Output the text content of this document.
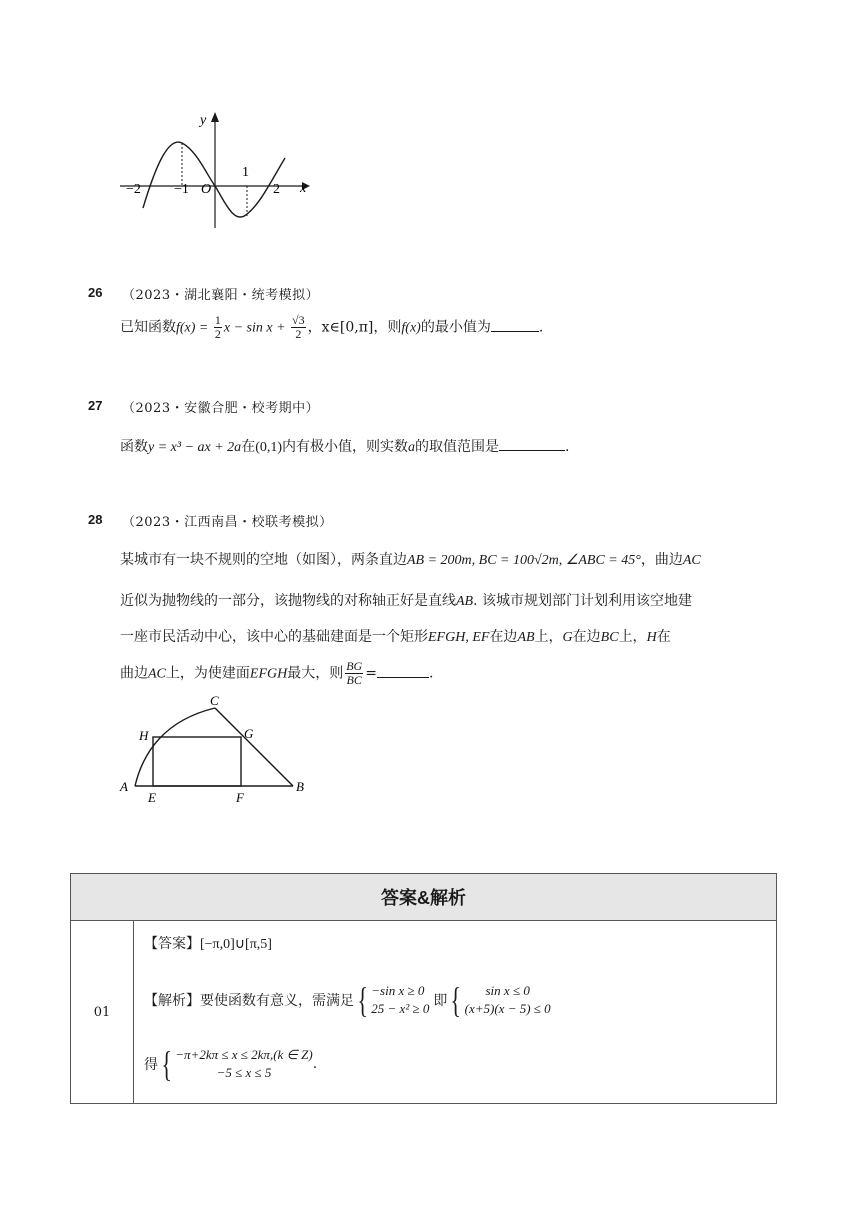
y
x
−2 −1 O
1
2
26 （2023・湖北襄阳・统考模拟）
已知函数$f(x) = \frac{1}{2}$ $x - \sin x + \frac{√3}{2}$ ，x∈[0,π]，则f(x)的最小值为	.
27 （2023・安徽合肥・校考期中）
函数y = x³ − ax + 2a在(0,1)内有极小值，则实数a的取值范围是	.
28 （2023・江西南昌・校联考模拟）
某城市有一块不规则的空地（如图），两条直边AB = 200m, BC = 100√2m, ∠ABC = 45°，曲边AC
近似为抛物线的一部分，该抛物线的对称轴正好是直线AB. 该城市规划部门计划利用该空地建
一座市民活动中心，该中心的基础建面是一个矩形EFGH, EF在边AB上，G在边BC上，H在
曲边AC上，为使建面EFGH最大，则 $\frac{BG}{BC}$ =	.
C
H	G
A
E	F
B
答案&解析
01	
【答案】[−π,0]∪[π,5]
【解析】 要使函数有意义，需满足 { −sin x ≥ 0
25 − x² ≥ 0 即 {	sin x ≤ 0
(x+5)(x − 5) ≤ 0
得 { −π+2kπ ≤ x ≤ 2kπ,(k ∈ Z)
−5 ≤ x ≤ 5
.
